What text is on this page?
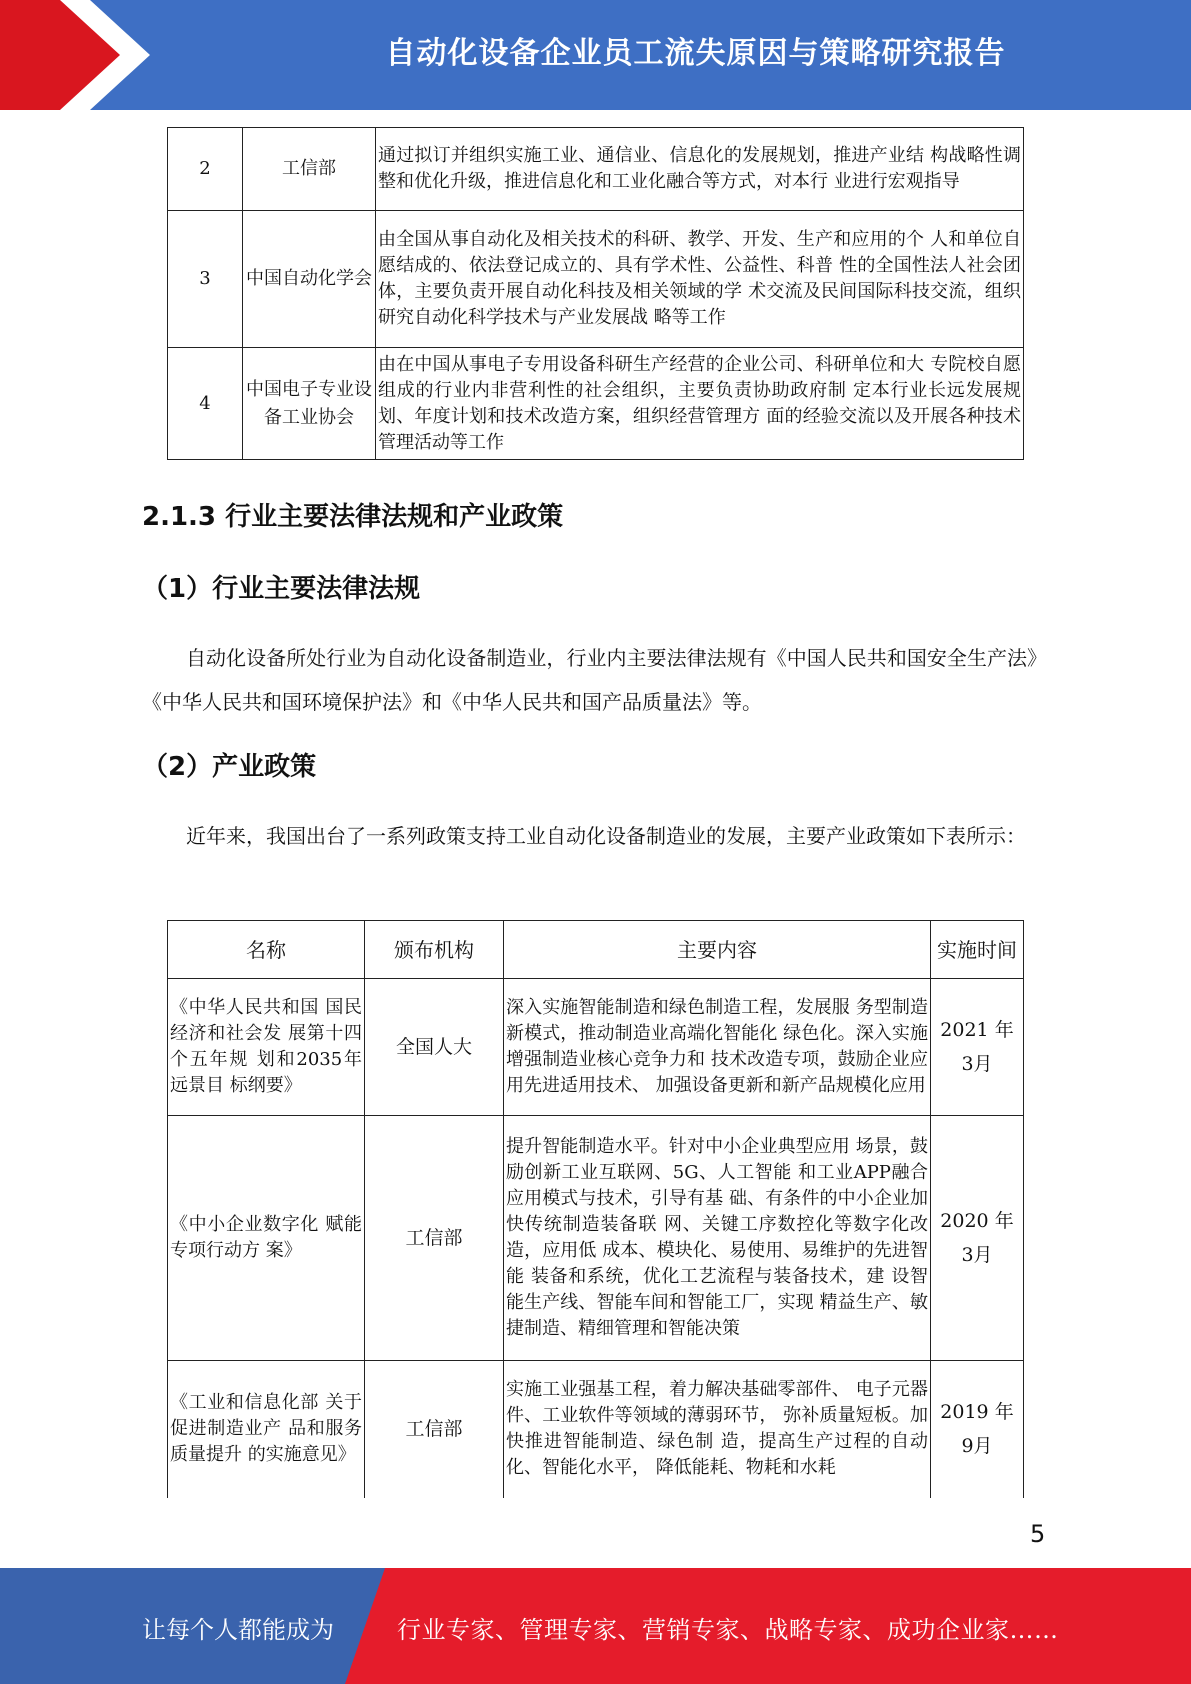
自动化设备企业员工流失原因与策略研究报告
2	工信部	通过拟订并组织实施工业、通信业、信息化的发展规划，推进产业结 构战略性调整和优化升级，推进信息化和工业化融合等方式，对本行 业进行宏观指导
3	中国自动化学会	由全国从事自动化及相关技术的科研、教学、开发、生产和应用的个 人和单位自愿结成的、依法登记成立的、具有学术性、公益性、科普 性的全国性法人社会团体，主要负责开展自动化科技及相关领域的学 术交流及民间国际科技交流，组织研究自动化科学技术与产业发展战 略等工作
4	中国电子专业设备工业协会	由在中国从事电子专用设备科研生产经营的企业公司、科研单位和大 专院校自愿组成的行业内非营利性的社会组织，主要负责协助政府制 定本行业长远发展规划、年度计划和技术改造方案，组织经营管理方 面的经验交流以及开展各种技术管理活动等工作
2.1.3 行业主要法律法规和产业政策
（1）行业主要法律法规
自动化设备所处行业为自动化设备制造业，行业内主要法律法规有《中国人民共和国安全生产法》《中华人民共和国环境保护法》和《中华人民共和国产品质量法》等。
（2）产业政策
近年来，我国出台了一系列政策支持工业自动化设备制造业的发展，主要产业政策如下表所示：
名称	颁布机构	主要内容	实施时间
《中华人民共和国 国民经济和社会发 展第十四个五年规 划和2035年远景目 标纲要》	全国人大	深入实施智能制造和绿色制造工程，发展服 务型制造新模式，推动制造业高端化智能化 绿色化。深入实施增强制造业核心竞争力和 技术改造专项，鼓励企业应用先进适用技术、 加强设备更新和新产品规模化应用	2021 年 3月
《中小企业数字化 赋能专项行动方 案》	工信部	提升智能制造水平。针对中小企业典型应用 场景，鼓励创新工业互联网、5G、人工智能 和工业APP融合应用模式与技术，引导有基 础、有条件的中小企业加快传统制造装备联 网、关键工序数控化等数字化改造，应用低 成本、模块化、易使用、易维护的先进智能 装备和系统，优化工艺流程与装备技术，建 设智能生产线、智能车间和智能工厂，实现 精益生产、敏捷制造、精细管理和智能决策	2020 年 3月
《工业和信息化部 关于促进制造业产 品和服务质量提升 的实施意见》	工信部	实施工业强基工程，着力解决基础零部件、 电子元器件、工业软件等领域的薄弱环节， 弥补质量短板。加快推进智能制造、绿色制 造，提高生产过程的自动化、智能化水平， 降低能耗、物耗和水耗	2019 年 9月
5
让每个人都能成为	行业专家、管理专家、营销专家、战略专家、成功企业家……
